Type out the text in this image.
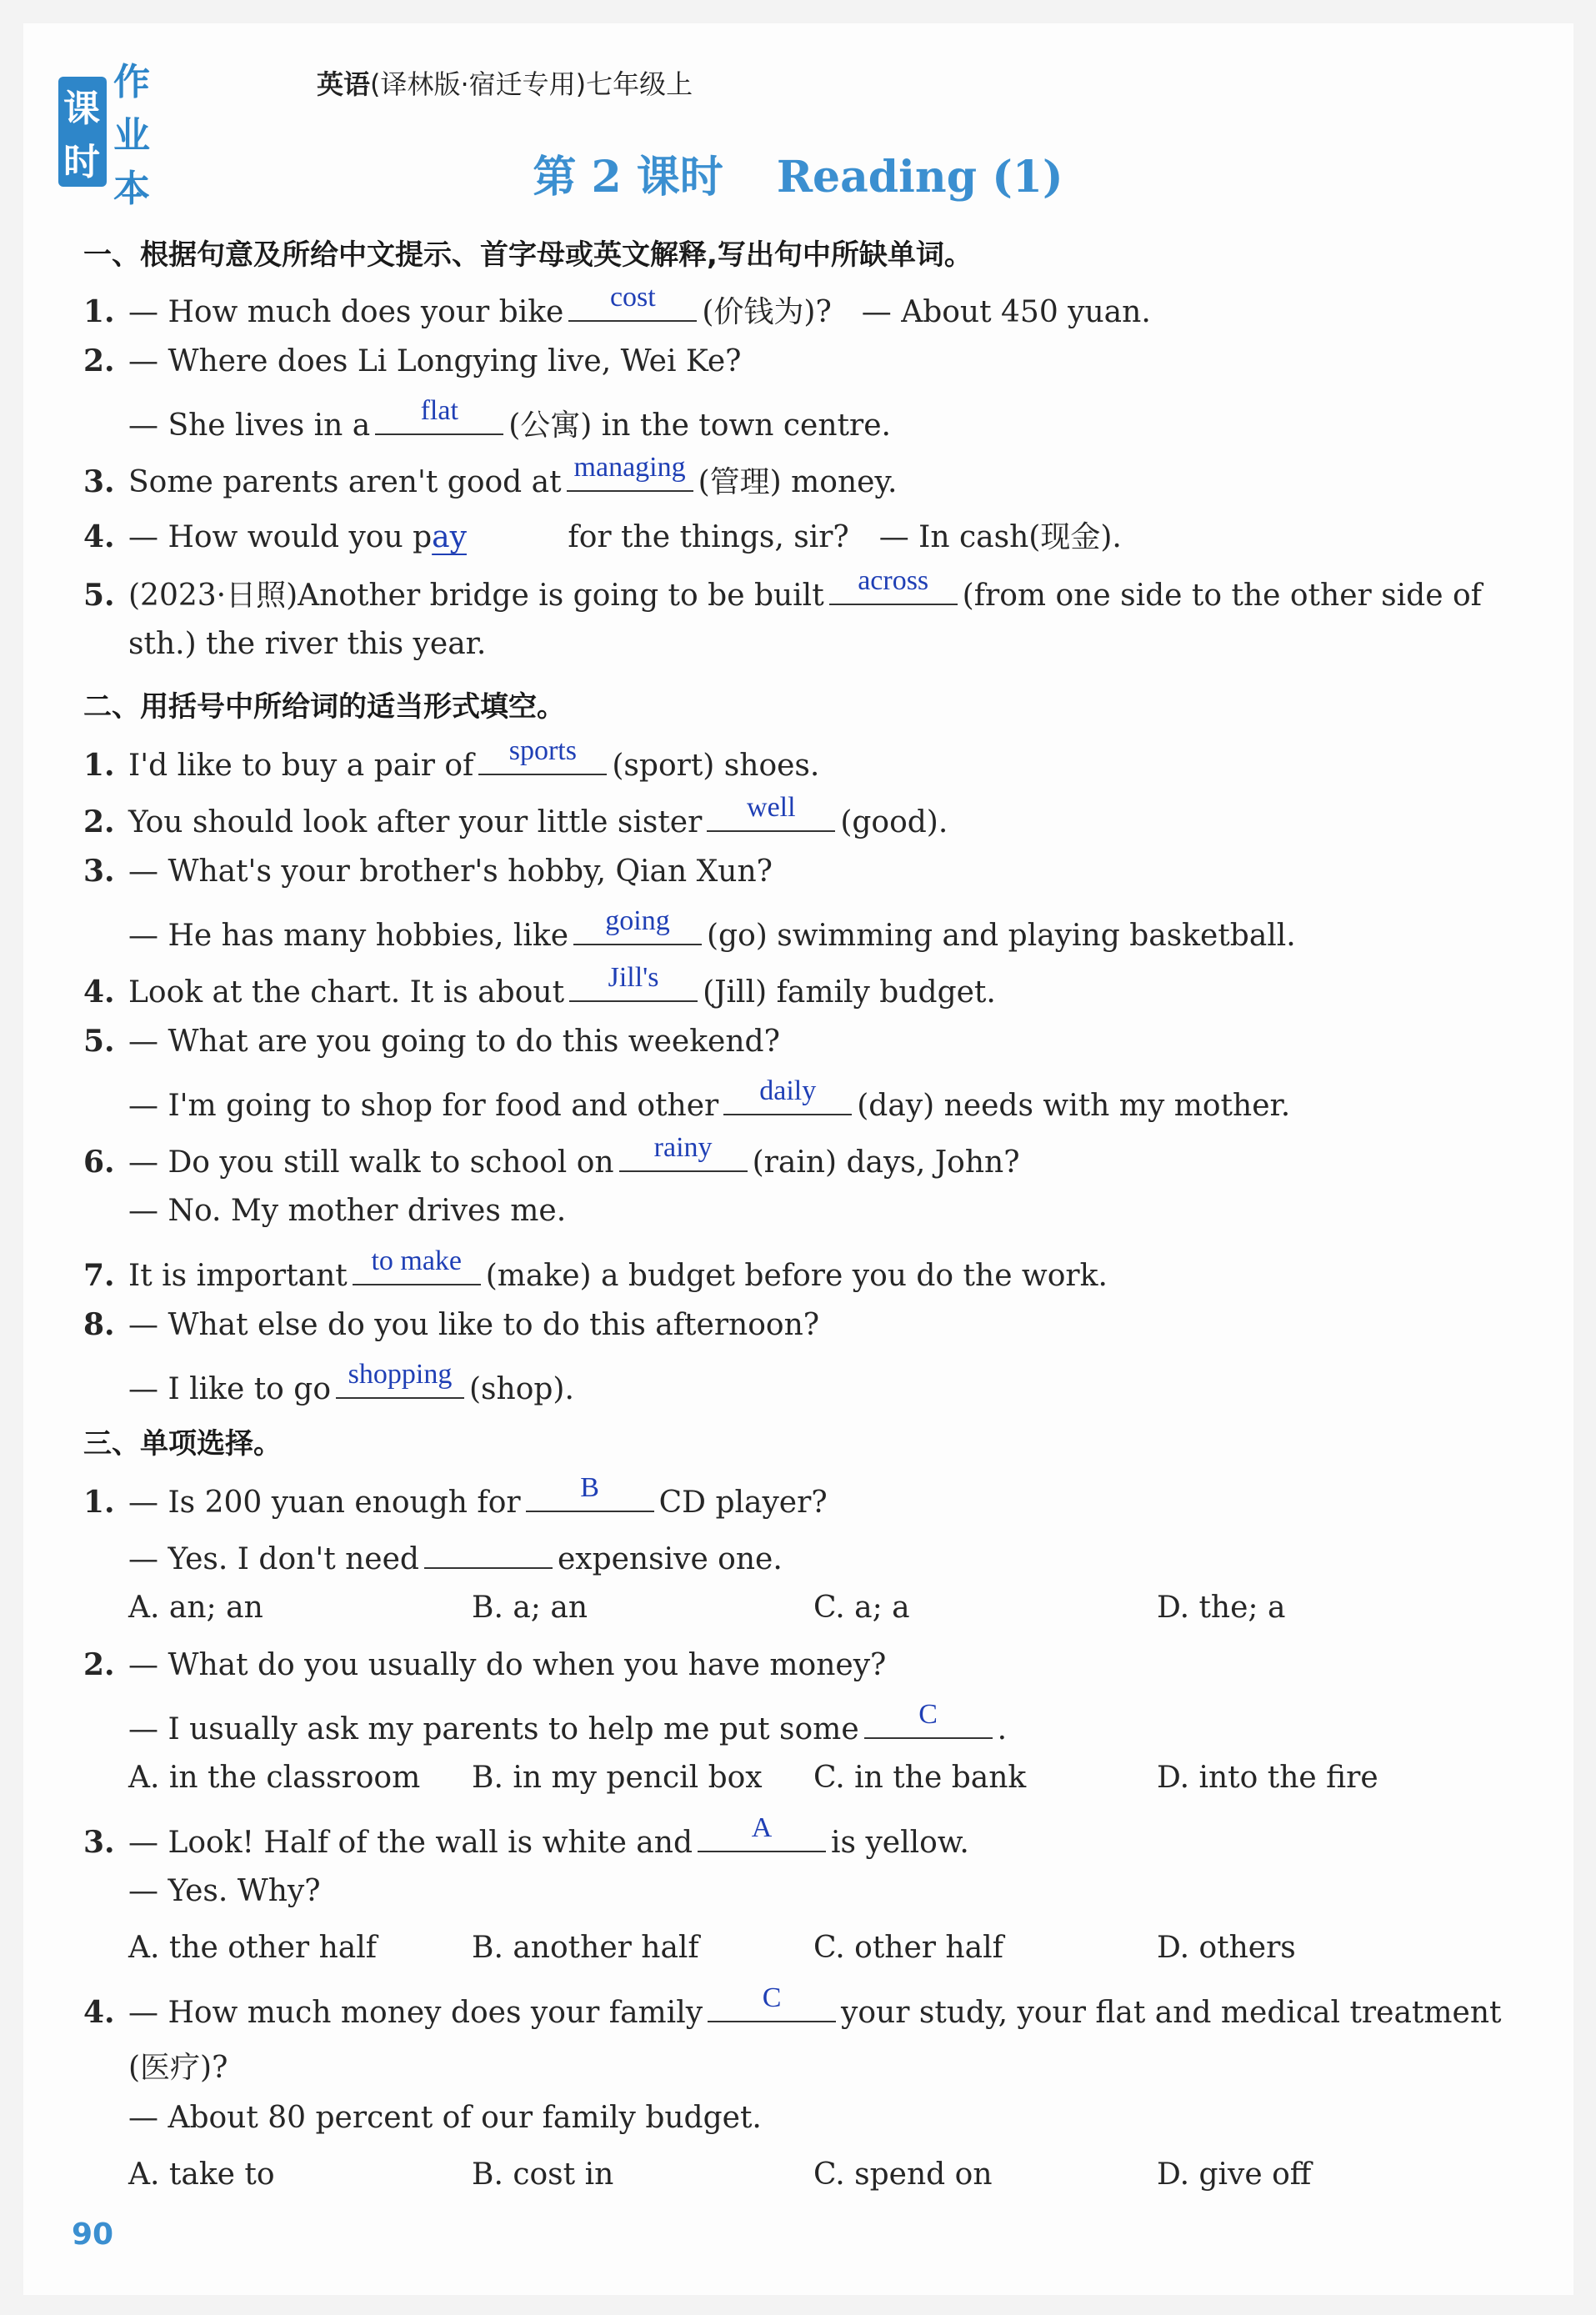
课时
作业本
英语(译林版·宿迁专用)七年级上
第 2 课时 Reading (1)
一、根据句意及所给中文提示、首字母或英文解释,写出句中所缺单词。
1. — How much does your bike	cost	(价钱为)?　— About 450 yuan.
2. — Where does Li Longying live, Wei Ke?
— She lives in a	flat	(公寓) in the town centre.
3. Some parents aren't good at managing (管理) money.
4. — How would you pay	for the things, sir?　— In cash(现金).
5. (2023·日照)Another bridge is going to be built	across	(from one side to the other side of
sth.) the river this year.
二、用括号中所给词的适当形式填空。
1. I'd like to buy a pair of	sports	(sport) shoes.
2. You should look after your little sister	well	(good).
3. — What's your brother's hobby, Qian Xun?
— He has many hobbies, like	going	(go) swimming and playing basketball.
4. Look at the chart. It is about	Jill's	(Jill) family budget.
5. — What are you going to do this weekend?
— I'm going to shop for food and other	daily	(day) needs with my mother.
6. — Do you still walk to school on	rainy	(rain) days, John?
— No. My mother drives me.
7. It is important to make (make) a budget before you do the work.
8. — What else do you like to do this afternoon?
— I like to go shopping (shop).
三、单项选择。
1. — Is 200 yuan enough for	B	CD player?
— Yes. I don't need	expensive one.
A. an; an	B. a; an	C. a; a	D. the; a
2. — What do you usually do when you have money?
— I usually ask my parents to help me put some	C	.
A. in the classroom B. in my pencil box C. in the bank	D. into the fire
3. — Look! Half of the wall is white and	A	is yellow.
— Yes. Why?
A. the other half	B. another half	C. other half	D. others
4. — How much money does your family	C	your study, your flat and medical treatment
(医疗)?
— About 80 percent of our family budget.
A. take to	B. cost in	C. spend on	D. give off
90
